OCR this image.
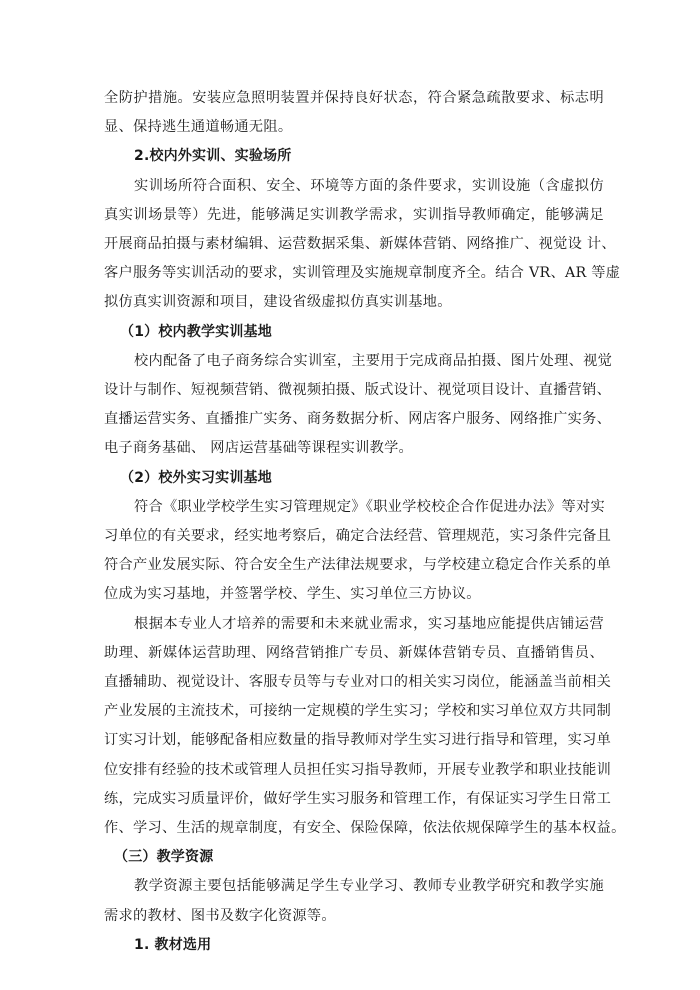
全防护措施。安装应急照明装置并保持良好状态，符合紧急疏散要求、标志明
显、保持逃生通道畅通无阻。
2.校内外实训、实验场所
实训场所符合面积、安全、环境等方面的条件要求，实训设施（含虚拟仿
真实训场景等）先进，能够满足实训教学需求，实训指导教师确定，能够满足
开展商品拍摄与素材编辑、运营数据采集、新媒体营销、网络推广、视觉设 计、
客户服务等实训活动的要求，实训管理及实施规章制度齐全。结合 VR、AR 等虚
拟仿真实训资源和项目，建设省级虚拟仿真实训基地。
（1）校内教学实训基地
校内配备了电子商务综合实训室，主要用于完成商品拍摄、图片处理、视觉
设计与制作、短视频营销、微视频拍摄、版式设计、视觉项目设计、直播营销、
直播运营实务、直播推广实务、商务数据分析、网店客户服务、网络推广实务、
电子商务基础、 网店运营基础等课程实训教学。
（2）校外实习实训基地
符合《职业学校学生实习管理规定》《职业学校校企合作促进办法》等对实
习单位的有关要求，经实地考察后，确定合法经营、管理规范，实习条件完备且
符合产业发展实际、符合安全生产法律法规要求，与学校建立稳定合作关系的单
位成为实习基地，并签署学校、学生、实习单位三方协议。
根据本专业人才培养的需要和未来就业需求，实习基地应能提供店铺运营
助理、新媒体运营助理、网络营销推广专员、新媒体营销专员、直播销售员、
直播辅助、视觉设计、客服专员等与专业对口的相关实习岗位，能涵盖当前相关
产业发展的主流技术，可接纳一定规模的学生实习；学校和实习单位双方共同制
订实习计划，能够配备相应数量的指导教师对学生实习进行指导和管理，实习单
位安排有经验的技术或管理人员担任实习指导教师，开展专业教学和职业技能训
练，完成实习质量评价，做好学生实习服务和管理工作，有保证实习学生日常工
作、学习、生活的规章制度，有安全、保险保障，依法依规保障学生的基本权益。
（三）教学资源
教学资源主要包括能够满足学生专业学习、教师专业教学研究和教学实施
需求的教材、图书及数字化资源等。
1. 教材选用
